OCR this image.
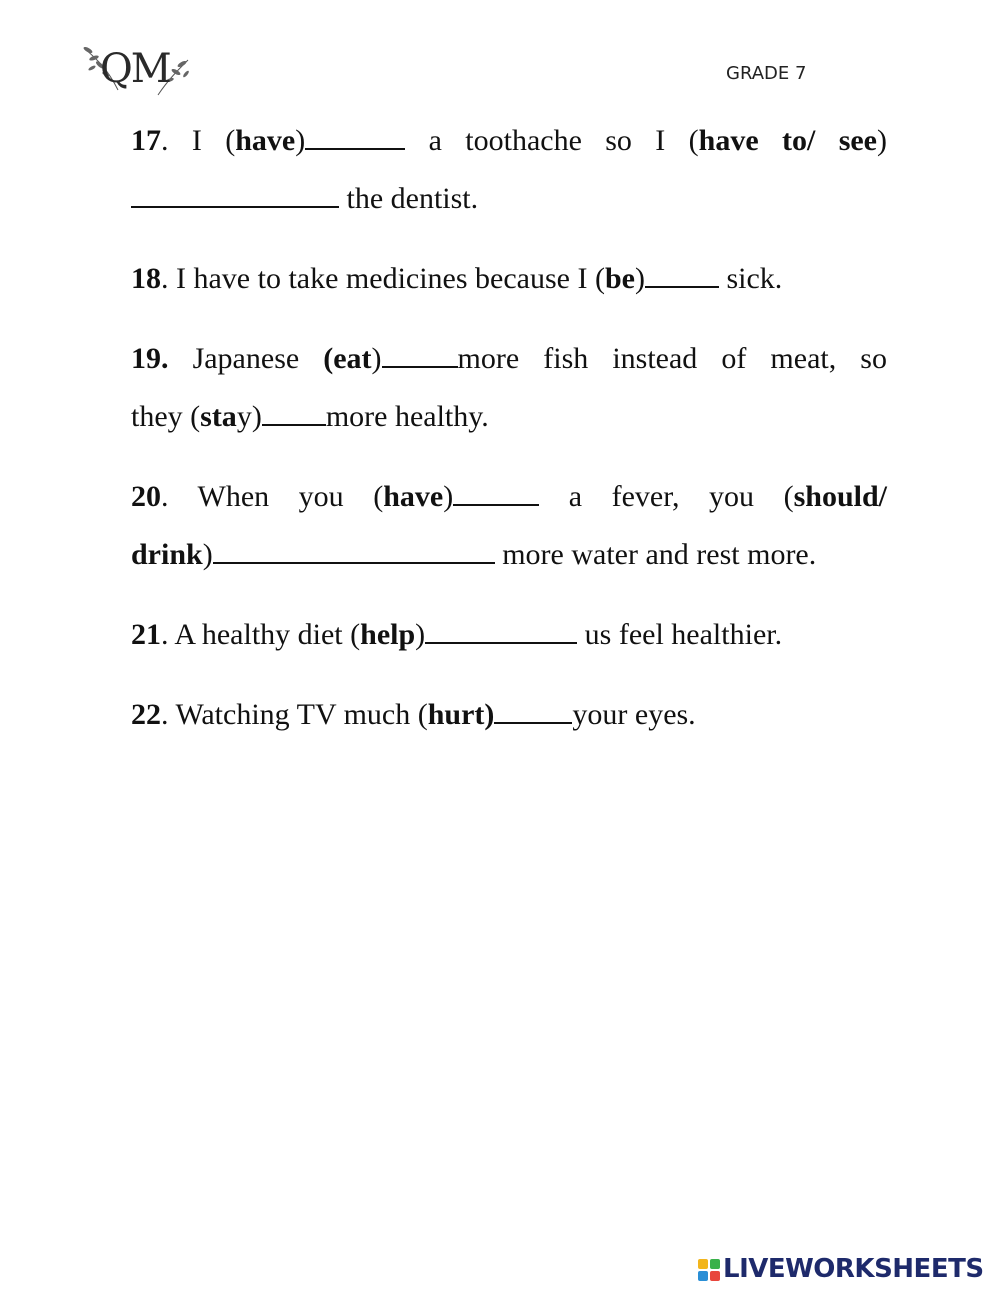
QM	GRADE 7
17. I (have)	a toothache so I (have to/ see)
the dentist.
18. I have to take medicines because I (be) sick.
19. Japanese (eat)	more fish instead of meat, so
they (stay) more healthy.
20. When you (have)	a fever, you (should/
drink)	more water and rest more.
21. A healthy diet (help)	us feel healthier.
22. Watching TV much (hurt)	your eyes.
LIVEWORKSHEETS
